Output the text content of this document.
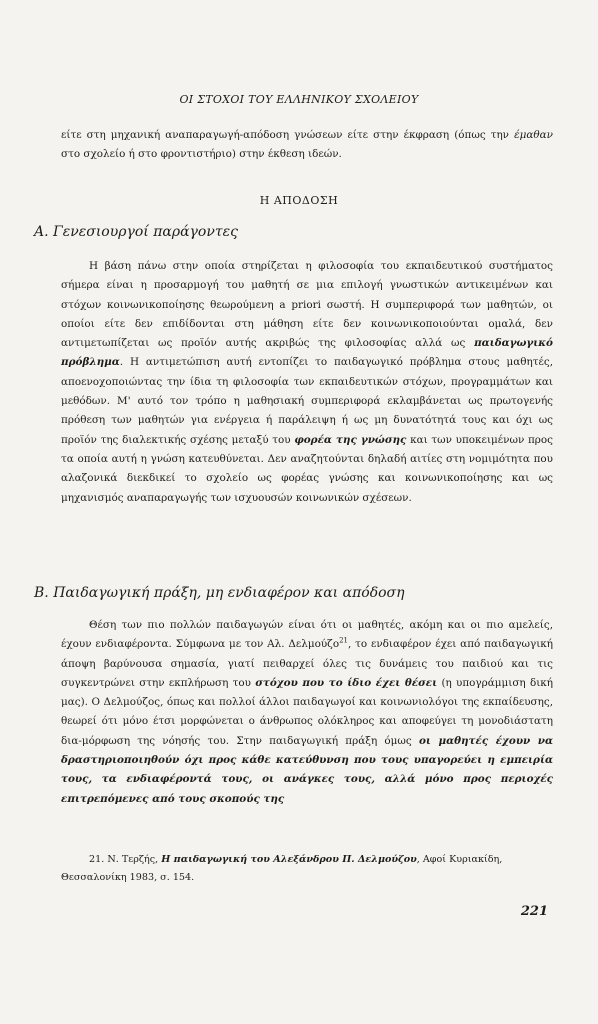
ΟΙ ΣΤΟΧΟΙ ΤΟΥ ΕΛΛΗΝΙΚΟΥ ΣΧΟΛΕΙΟΥ

είτε στη μηχανική αναπαραγωγή-απόδοση γνώσεων είτε στην έκφραση (όπως την έμαθαν στο σχολείο ή στο φροντιστήριο) στην έκθεση ιδεών.

Η ΑΠΟΔΟΣΗ
Α. Γενεσιουργοί παράγοντες

Η βάση πάνω στην οποία στηρίζεται η φιλοσοφία του εκπαιδευτικού συστήματος σήμερα είναι η προσαρμογή του μαθητή σε μια επιλογή γνωστικών αντικειμένων και στόχων κοινωνικοποίησης θεωρούμενη a priori σωστή. Η συμπεριφορά των μαθητών, οι οποίοι είτε δεν επιδίδονται στη μάθηση είτε δεν κοινωνικοποιούνται ομαλά, δεν αντιμετωπίζεται ως προϊόν αυτής ακριβώς της φιλοσοφίας αλλά ως παιδαγωγικό πρόβλημα. Η αντιμετώπιση αυτή εντοπίζει το παιδαγωγικό πρόβλημα στους μαθητές, αποενοχοποιώντας την ίδια τη φιλοσοφία των εκπαιδευτικών στόχων, προγραμμάτων και μεθόδων. Μ' αυτό τον τρόπο η μαθησιακή συμπεριφορά εκλαμβάνεται ως πρωτογενής πρόθεση των μαθητών για ενέργεια ή παράλειψη ή ως μη δυνατότητά τους και όχι ως προϊόν της διαλεκτικής σχέσης μεταξύ του φορέα της γνώσης και των υποκειμένων προς τα οποία αυτή η γνώση κατευθύνεται. Δεν αναζητούνται δηλαδή αιτίες στη νομιμότητα που αλαζονικά διεκδικεί το σχολείο ως φορέας γνώσης και κοινωνικοποίησης και ως μηχανισμός αναπαραγωγής των ισχυουσών κοινωνικών σχέσεων.

Β. Παιδαγωγική πράξη, μη ενδιαφέρον και απόδοση

Θέση των πιο πολλών παιδαγωγών είναι ότι οι μαθητές, ακόμη και οι πιο αμελείς, έχουν ενδιαφέροντα. Σύμφωνα με τον Αλ. Δελμούζο$^{21}$, το ενδιαφέρον έχει από παιδαγωγική άποψη βαρύνουσα σημασία, γιατί πειθαρχεί όλες τις δυνάμεις του παιδιού και τις συγκεντρώνει στην εκπλήρωση του στόχου που το ίδιο έχει θέσει (η υπογράμμιση δική μας). Ο Δελμούζος, όπως και πολλοί άλλοι παιδαγωγοί και κοινωνιολόγοι της εκπαίδευσης, θεωρεί ότι μόνο έτσι μορφώνεται ο άνθρωπος ολόκληρος και αποφεύγει τη μονοδιάστατη δια-μόρφωση της νόησής του. Στην παιδαγωγική πράξη όμως οι μαθητές έχουν να δραστηριοποιηθούν όχι προς κάθε κατεύθυνση που τους υπαγορεύει η εμπειρία τους, τα ενδιαφέροντά τους, οι ανάγκες τους, αλλά μόνο προς περιοχές επιτρεπόμενες από τους σκοπούς της

21. Ν. Τερζής, Η παιδαγωγική του Αλεξάνδρου Π. Δελμούζου, Αφοί Κυριακίδη, Θεσσαλονίκη 1983, σ. 154.
221
